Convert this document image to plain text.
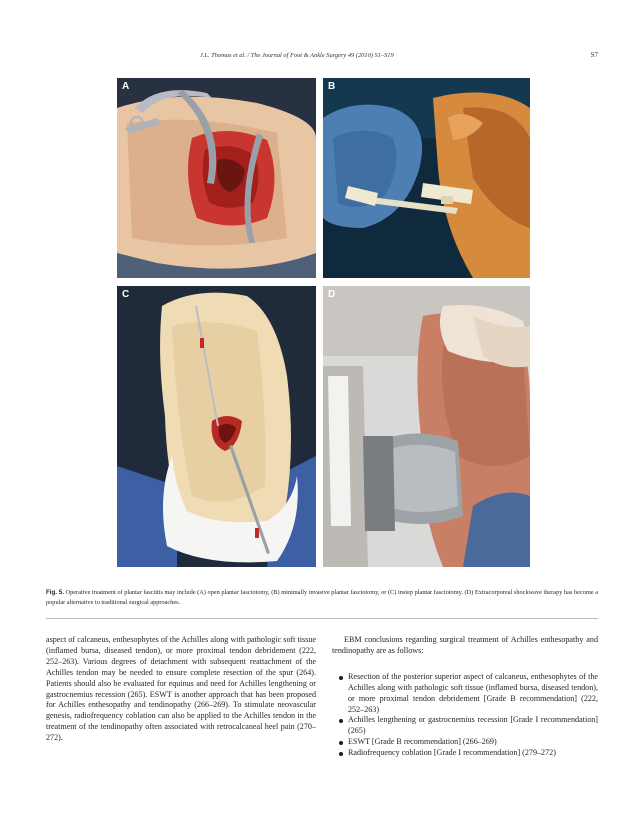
J.L. Thomas et al. / The Journal of Foot & Ankle Surgery 49 (2010) S1–S19	S7
A	B
C	D
Fig. 5. Operative treatment of plantar fasciitis may include (A) open plantar fasciotomy, (B) minimally invasive plantar fasciotomy, or (C) instep plantar fasciotomy. (D) Extracorporeal shockwave therapy has become a popular alternative to traditional surgical approaches.
aspect of calcaneus, enthesophytes of the Achilles along with pathologic soft tissue (inflamed bursa, diseased tendon), or more proximal tendon debridement (222, 252–263). Various degrees of detachment with subsequent reattachment of the Achilles tendon may be needed to ensure complete resection of the spur (264). Patients should also be evaluated for equinus and need for Achilles lengthening or gastrocnemius recession (265). ESWT is another approach that has been proposed for Achilles enthesopathy and tendinopathy (266–269). To stimulate neovascular genesis, radiofrequency coblation can also be applied to the Achilles tendon in the treatment of the tendinopathy often associated with retrocalcaneal heel pain (270–272).

EBM conclusions regarding surgical treatment of Achilles enthesopathy and tendinopathy are as follows:

Resection of the posterior superior aspect of calcaneus, enthesophytes of the Achilles along with pathologic soft tissue (inflamed bursa, diseased tendon), or more proximal tendon debridement [Grade B recommendation] (222, 252–263)
Achilles lengthening or gastrocnemius recession [Grade I recommendation] (265)
ESWT [Grade B recommendation] (266–269)
Radiofrequency coblation [Grade I recommendation] (279–272)
